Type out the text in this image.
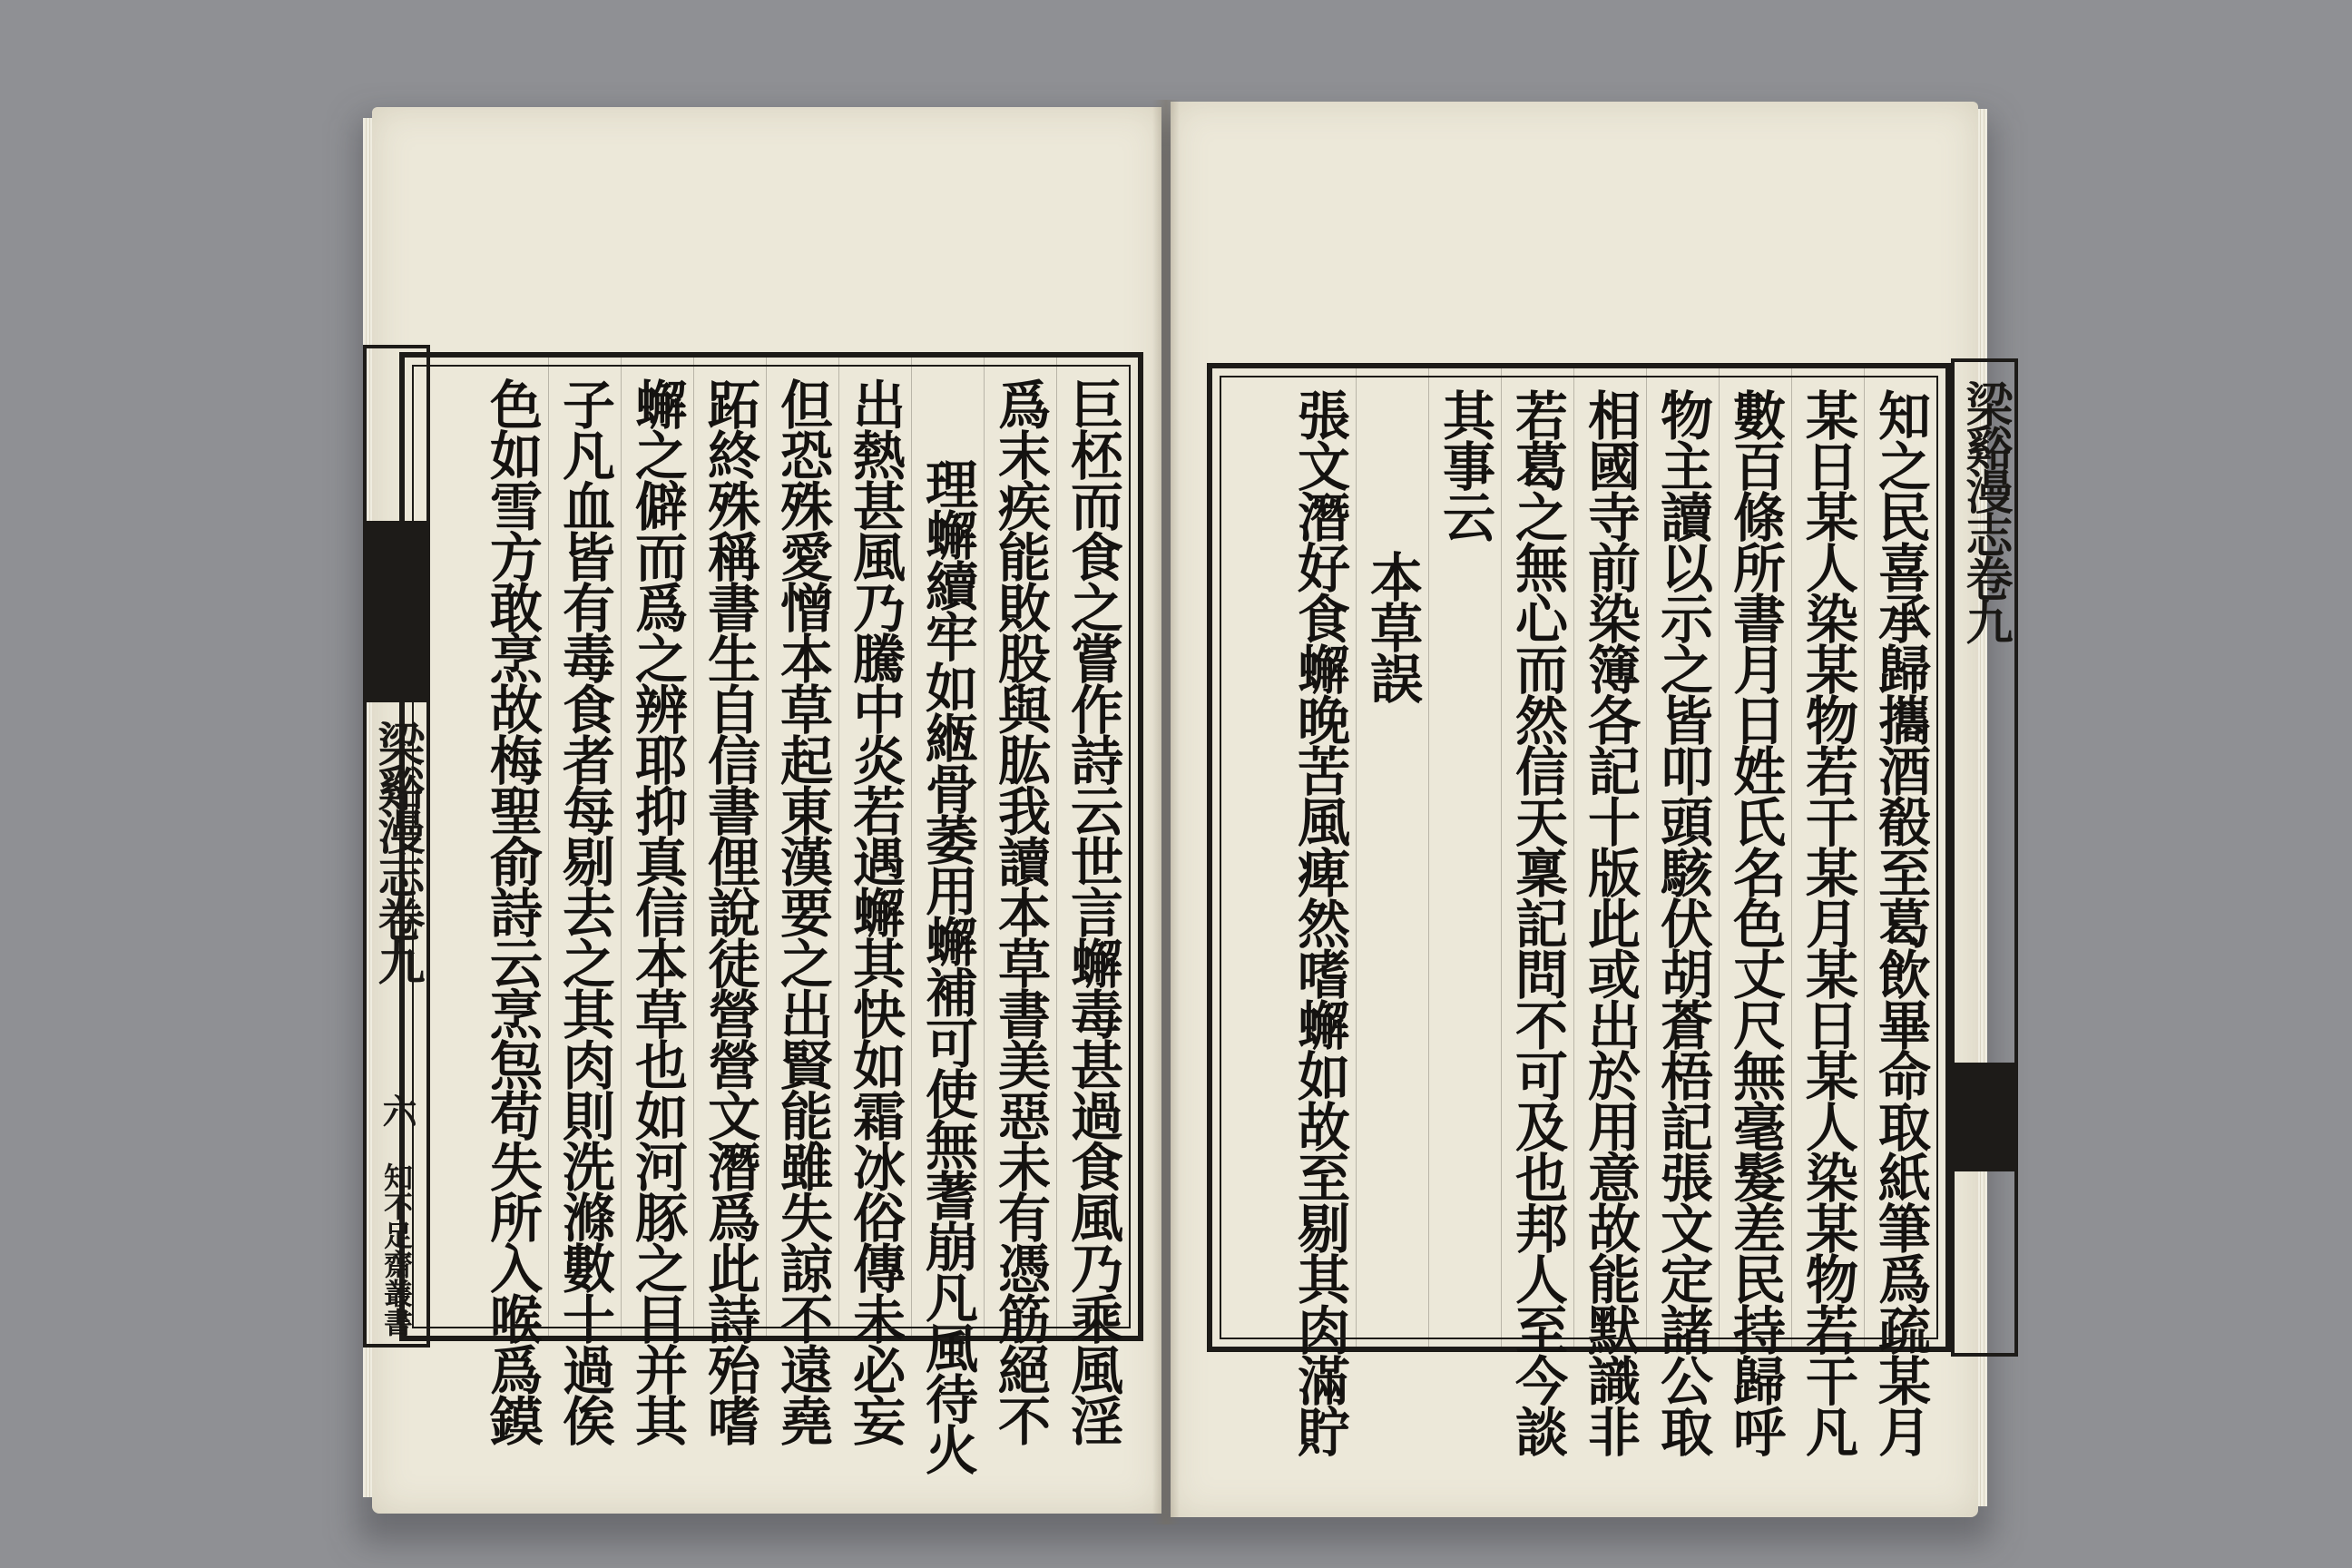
巨柸而食之嘗作詩云世言蠏毒甚過食風乃乘風淫
爲末疾能敗股與肱我讀本草書美惡未有憑筋絕不
理蠏續牢如緪骨萎用蠏補可使無蓍崩凡風待火
出熱甚風乃騰中炎若遇蠏其快如霜冰俗傳未必妄
但恐殊愛憎本草起東漢要之出賢能雖失諒不遠堯
跖終殊稱書生自信書俚說徒營營文潛爲此詩殆嗜
蠏之僻而爲之辨耶抑真信本草也如河豚之目并其
子凡血皆有毒食者每剔去之其肉則洗滌數十過俟
色如雪方敢烹故梅聖俞詩云烹炰苟失所入喉爲鏌
梁谿漫志卷九
六 知不足齋叢書	知之民喜承歸攜酒殽至葛飲畢命取紙筆爲疏某月
某日某人染某物若干某月某日某人染某物若干凡
數百條所書月日姓氏名色丈尺無毫髮差民持歸呼
物主讀以示之皆叩頭駭伏胡蒼梧記張文定諸公取
相國寺前染簿各記十版此或出於用意故能默識非
若葛之無心而然信天稟記問不可及也邦人至今談
其事云
本草誤
張文潛好食蠏晚苦風痺然嗜蠏如故至剔其肉滿貯	梁谿漫志卷九
